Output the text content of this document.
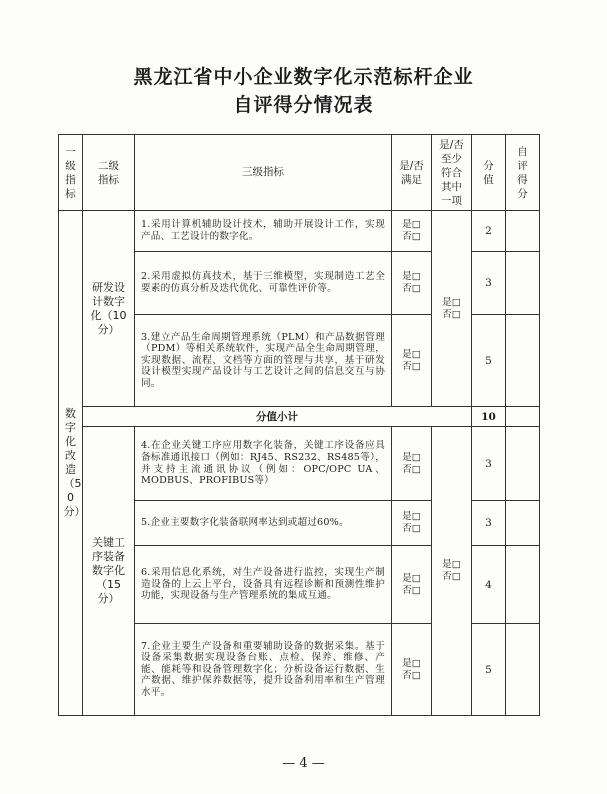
黑龙江省中小企业数字化示范标杆企业
自评得分情况表
一级指标	二级指标	三级指标	是/否满足	是/否至少符合其中一项	分值	自评得分
数字化改造（50分）	研发设计数字化（10分）	1.采用计算机辅助设计技术，辅助开展设计工作，实现产品、工艺设计的数字化。	是□
否□	是□
否□	2	
		2.采用虚拟仿真技术，基于三维模型，实现制造工艺全要素的仿真分析及迭代优化、可靠性评价等。	是□
否□		3	
		3.建立产品生命周期管理系统（PLM）和产品数据管理（PDM）等相关系统软件，实现产品全生命周期管理，实现数据、流程、文档等方面的管理与共享，基于研发设计模型实现产品设计与工艺设计之间的信息交互与协同。	是□
否□		5	
	分值小计				10	
	关键工序装备数字化（15分）	4.在企业关键工序应用数字化装备，关键工序设备应具备标准通讯接口（例如：RJ45、RS232、RS485等），并支持主流通讯协议（例如：OPC/OPC UA、MODBUS、PROFIBUS等）	是□
否□	是□
否□	3	
		5.企业主要数字化装备联网率达到或超过60%。	是□
否□		3	
		6.采用信息化系统，对生产设备进行监控，实现生产制造设备的上云上平台，设备具有远程诊断和预测性维护功能，实现设备与生产管理系统的集成互通。	是□
否□		4	
		7.企业主要生产设备和重要辅助设备的数据采集。基于设备采集数据实现设备台账、点检、保养、维修、产能、能耗等和设备管理数字化；分析设备运行数据、生产数据、维护保养数据等，提升设备利用率和生产管理水平。	是□
否□		5	
— 4 —
